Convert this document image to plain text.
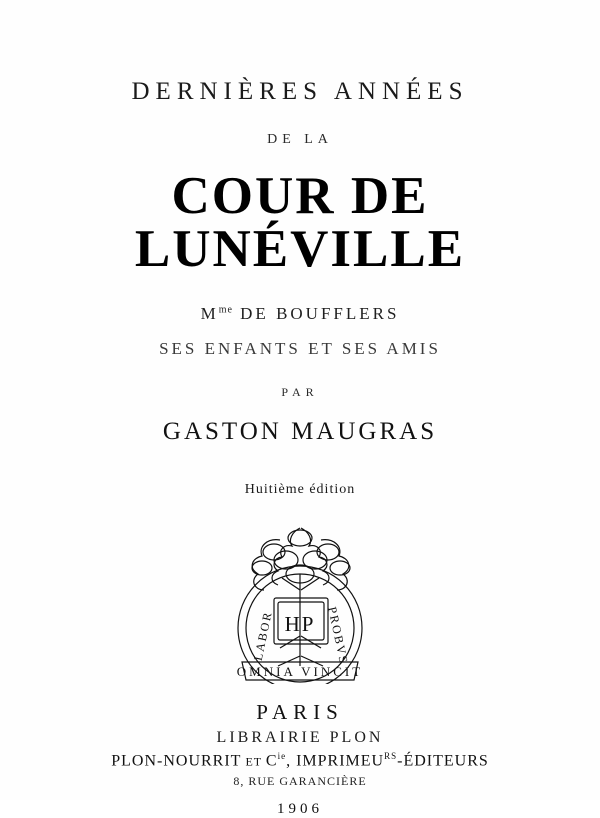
DERNIÈRES ANNÉES
DE LA
COUR DE LUNÉVILLE
$M^{me}$ DE BOUFFLERS
SES ENFANTS ET SES AMIS
PAR
GASTON MAUGRAS
Huitième édition
HP
LABOR	PROBVS
OMNIA VINCIT
PARIS
LIBRAIRIE PLON
PLON-NOURRIT ET $C^{ie}$, $IMPRIMEU^{RS}$-ÉDITEURS
8, RUE GARANCIÈRE
1906
